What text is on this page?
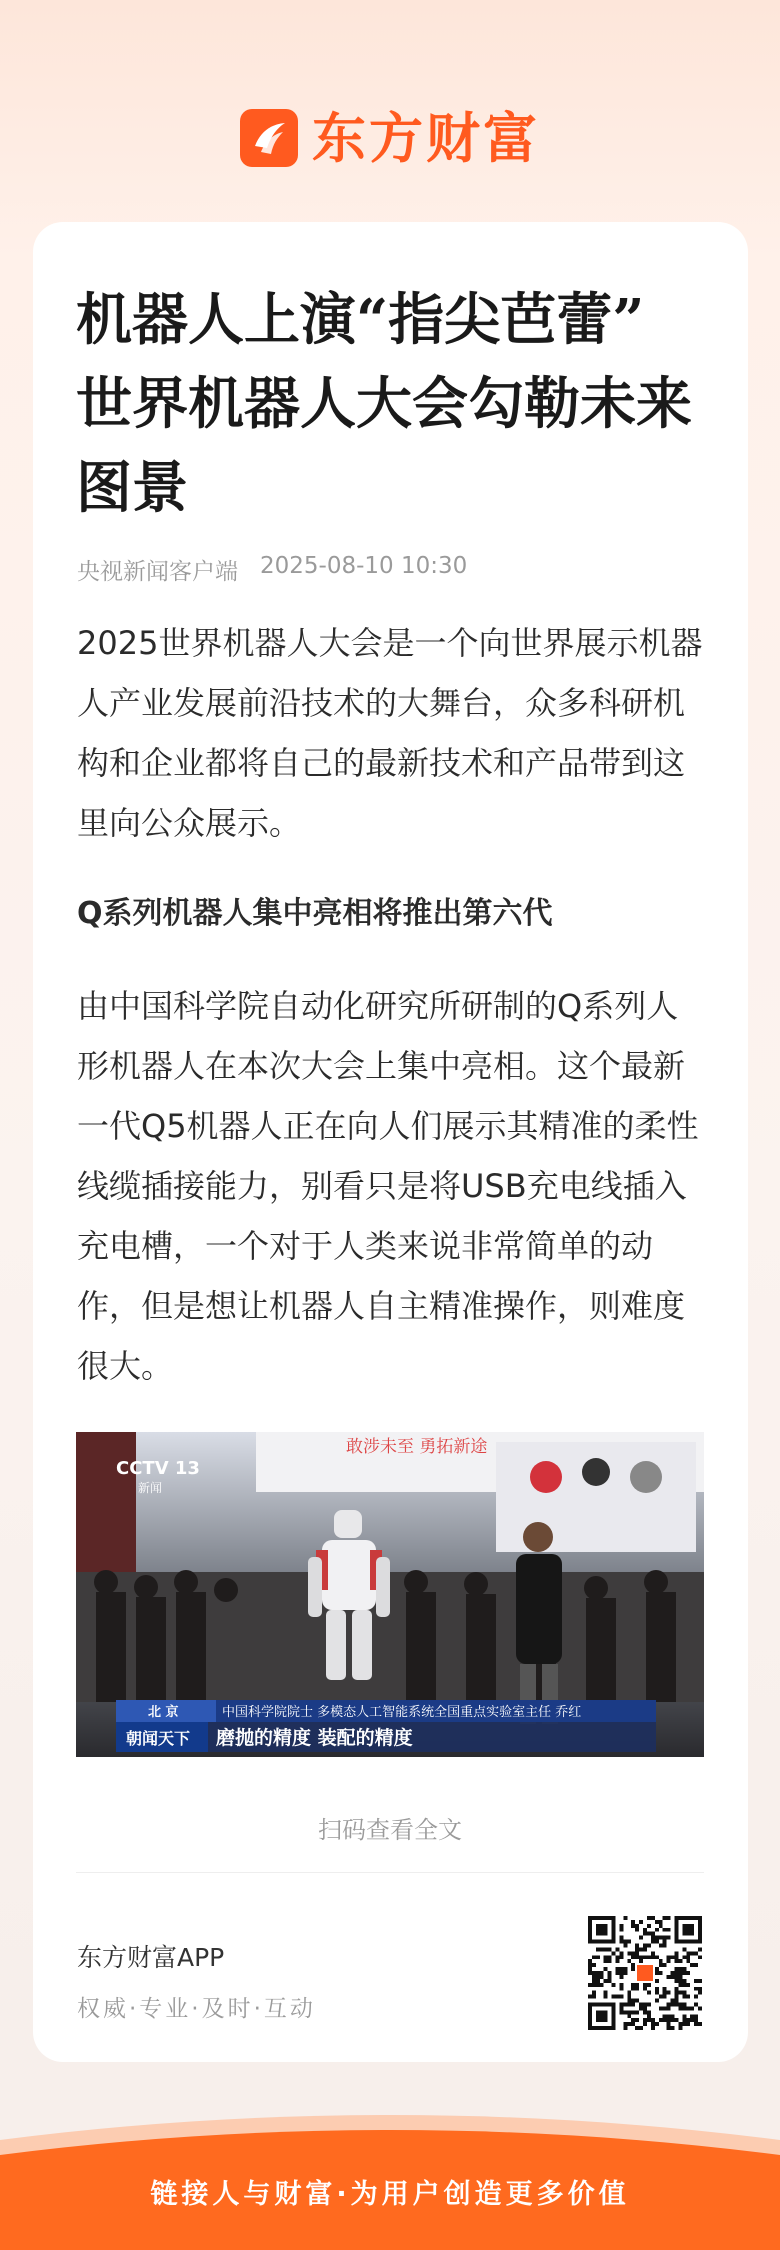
东方财富
机器人上演“指尖芭蕾” 世界机器人大会勾勒未来图景
央视新闻客户端 2025-08-10 10:30

2025世界机器人大会是一个向世界展示机器人产业发展前沿技术的大舞台，众多科研机构和企业都将自己的最新技术和产品带到这里向公众展示。

Q系列机器人集中亮相将推出第六代

由中国科学院自动化研究所研制的Q系列人形机器人在本次大会上集中亮相。这个最新一代Q5机器人正在向人们展示其精准的柔性线缆插接能力，别看只是将USB充电线插入充电槽，一个对于人类来说非常简单的动作，但是想让机器人自主精准操作，则难度很大。

敢涉未至 勇拓新途
CCTV 13
新闻
北 京	中国科学院院士 多模态人工智能系统全国重点实验室主任 乔红
朝闻天下 磨抛的精度 装配的精度
扫码查看全文
东方财富APP
权威·专业·及时·互动
链接人与财富·为用户创造更多价值
